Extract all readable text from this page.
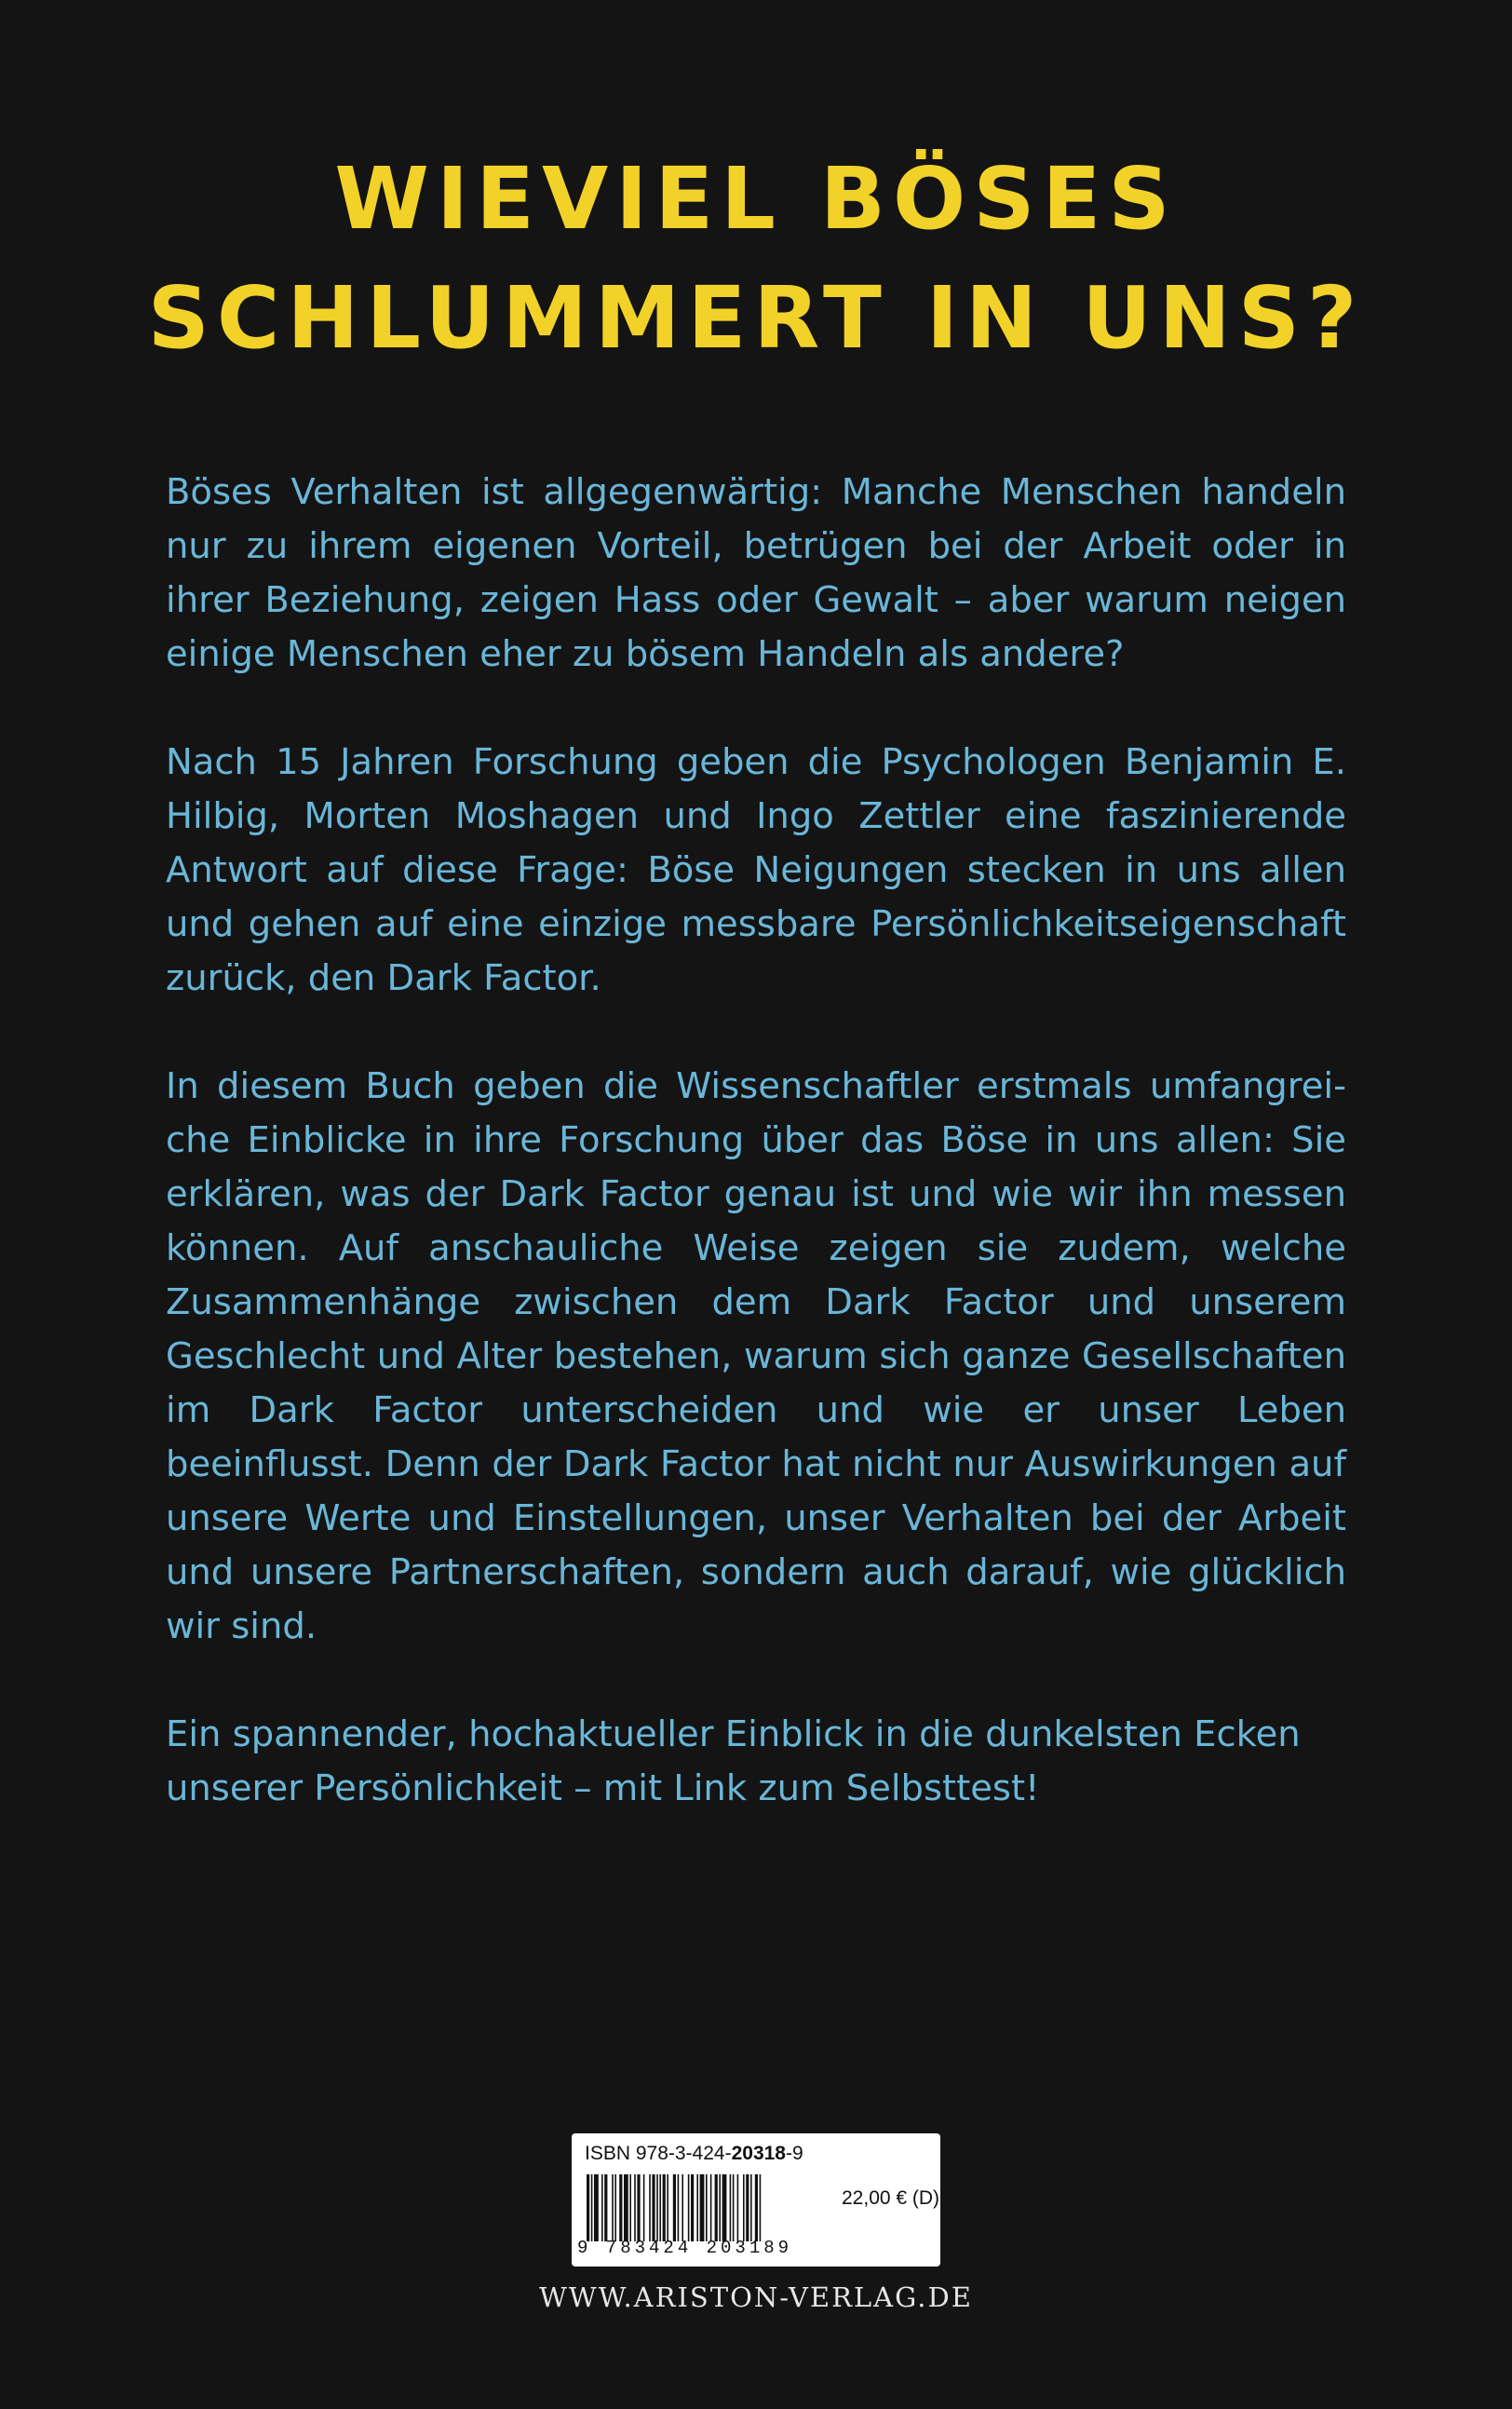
WIEVIEL BÖSES
SCHLUMMERT IN UNS?

Böses Verhalten ist allgegenwärtig: Manche Menschen handeln nur zu ihrem eigenen Vorteil, betrügen bei der Arbeit oder in ihrer Beziehung, zeigen Hass oder Gewalt – aber warum neigen einige Menschen eher zu bösem Handeln als andere?

Nach 15 Jahren Forschung geben die Psychologen Benjamin E. Hilbig, Morten Moshagen und Ingo Zettler eine faszinierende Antwort auf diese Frage: Böse Neigungen stecken in uns allen und gehen auf eine einzige messbare Persönlichkeitseigenschaft zurück, den Dark Factor.

In diesem Buch geben die Wissenschaftler erstmals umfangreiche Einblicke in ihre Forschung über das Böse in uns allen: Sie erklären, was der Dark Factor genau ist und wie wir ihn messen können. Auf anschauliche Weise zeigen sie zudem, welche Zusammenhänge zwischen dem Dark Factor und unserem Geschlecht und Alter bestehen, warum sich ganze Gesellschaften im Dark Factor unterscheiden und wie er unser Leben beeinflusst. Denn der Dark Factor hat nicht nur Auswirkungen auf unsere Werte und Einstellungen, unser Verhalten bei der Arbeit und unsere Partnerschaften, sondern auch darauf, wie glücklich wir sind.

Ein spannender, hochaktueller Einblick in die dunkelsten Ecken unserer Persönlichkeit – mit Link zum Selbsttest!

ISBN 978-3-424-20318-9
9 783424 203189
22,00 € (D)
WWW.ARISTON-VERLAG.DE
